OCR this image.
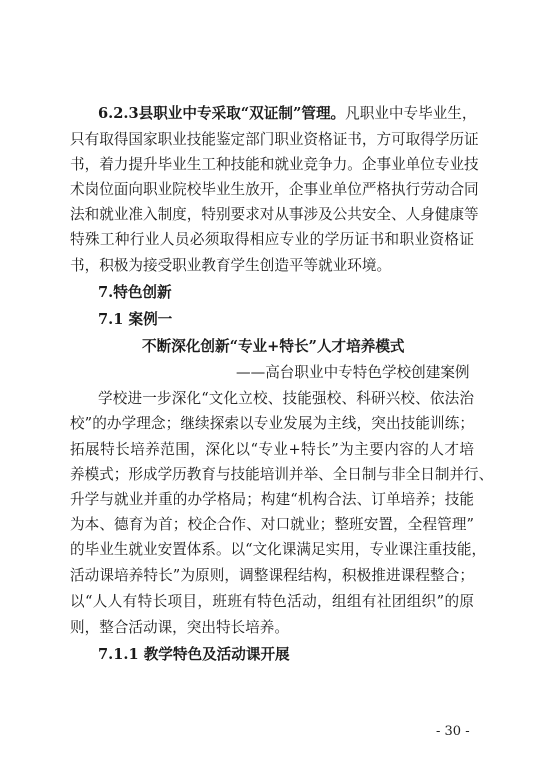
6.2.3县职业中专采取“双证制”管理。凡职业中专毕业生，
只有取得国家职业技能鉴定部门职业资格证书，方可取得学历证
书，着力提升毕业生工种技能和就业竞争力。企事业单位专业技
术岗位面向职业院校毕业生放开，企事业单位严格执行劳动合同
法和就业准入制度，特别要求对从事涉及公共安全、人身健康等
特殊工种行业人员必须取得相应专业的学历证书和职业资格证
书，积极为接受职业教育学生创造平等就业环境。
7.特色创新
7.1 案例一
不断深化创新“专业+特长”人才培养模式
——高台职业中专特色学校创建案例
学校进一步深化“文化立校、技能强校、科研兴校、依法治
校”的办学理念；继续探索以专业发展为主线，突出技能训练；
拓展特长培养范围，深化以“专业+特长”为主要内容的人才培
养模式；形成学历教育与技能培训并举、全日制与非全日制并行、
升学与就业并重的办学格局；构建“机构合法、订单培养；技能
为本、德育为首；校企合作、对口就业；整班安置，全程管理”
的毕业生就业安置体系。以“文化课满足实用，专业课注重技能，
活动课培养特长”为原则，调整课程结构，积极推进课程整合；
以“人人有特长项目，班班有特色活动，组组有社团组织”的原
则，整合活动课，突出特长培养。
7.1.1 教学特色及活动课开展
- 30 -
